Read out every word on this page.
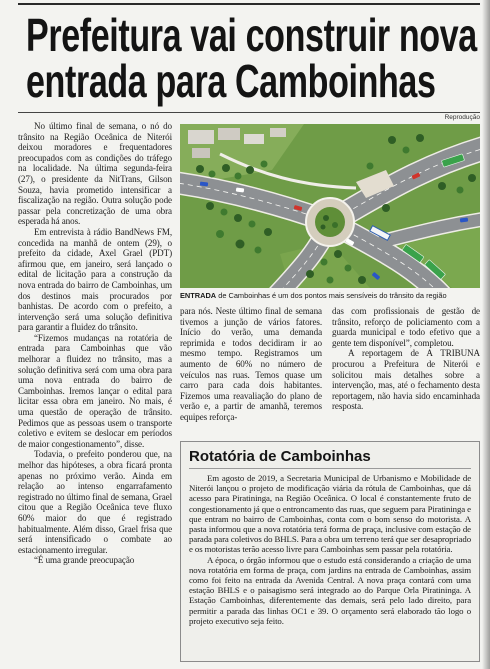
Prefeitura vai construir nova
entrada para Camboinhas

No último final de semana, o nó do trânsito na Região Oceânica de Niterói deixou moradores e frequentadores preocupados com as condições do tráfego na localidade. Na última segunda-feira (27), o presidente da NitTrans, Gilson Souza, havia prometido intensificar a fiscalização na região. Outra solução pode passar pela concretização de uma obra esperada há anos.

Em entrevista à rádio BandNews FM, concedida na manhã de ontem (29), o prefeito da cidade, Axel Grael (PDT) afirmou que, em janeiro, será lançado o edital de licitação para a construção da nova entrada do bairro de Camboinhas, um dos destinos mais procurados por banhistas. De acordo com o prefeito, a intervenção será uma solução definitiva para garantir a fluidez do trânsito.

“Fizemos mudanças na rotatória de entrada para Camboinhas que vão melhorar a fluidez no trânsito, mas a solução definitiva será com uma obra para uma nova entrada do bairro de Camboinhas. Iremos lançar o edital para licitar essa obra em janeiro. No mais, é uma questão de operação de trânsito. Pedimos que as pessoas usem o transporte coletivo e evitem se deslocar em períodos de maior congestionamento”, disse.

Todavia, o prefeito ponderou que, na melhor das hipóteses, a obra ficará pronta apenas no próximo verão. Ainda em relação ao intenso engarrafamento registrado no último final de semana, Grael citou que a Região Oceânica teve fluxo 60% maior do que é registrado habitualmente. Além disso, Grael frisa que será intensificado o combate ao estacionamento irregular.

“É uma grande preocupação

Reprodução
ENTRADA de Camboinhas é um dos pontos mais sensíveis do trânsito da região

para nós. Neste último final de semana tivemos a junção de vários fatores. Início do verão, uma demanda reprimida e todos decidiram ir ao mesmo tempo. Registramos um aumento de 60% no número de veículos nas ruas. Temos quase um carro para cada dois habitantes. Fizemos uma reavaliação do plano de verão e, a partir de amanhã, teremos equipes reforça-

das com profissionais de gestão de trânsito, reforço de policiamento com a guarda municipal e todo efetivo que a gente tem disponível”, completou.

A reportagem de A TRIBUNA procurou a Prefeitura de Niterói e solicitou mais detalhes sobre a intervenção, mas, até o fechamento desta reportagem, não havia sido encaminhada resposta.

Rotatória de Camboinhas

Em agosto de 2019, a Secretaria Municipal de Urbanismo e Mobilidade de Niterói lançou o projeto de modificação viária da rótula de Camboinhas, que dá acesso para Piratininga, na Região Oceânica. O local é constantemente fruto de congestionamento já que o entroncamento das ruas, que seguem para Piratininga e que entram no bairro de Camboinhas, conta com o bom senso do motorista. A pasta informou que a nova rotatória terá forma de praça, inclusive com estação de parada para coletivos do BHLS. Para a obra um terreno terá que ser desapropriado e os motoristas terão acesso livre para Camboinhas sem passar pela rotatória.

A época, o órgão informou que o estudo está considerando a criação de uma nova rotatória em forma de praça, com jardins na entrada de Camboinhas, assim como foi feito na entrada da Avenida Central. A nova praça contará com uma estação BHLS e o paisagismo será integrado ao do Parque Orla Piratininga. A Estação Camboinhas, diferentemente das demais, será pelo lado direito, para permitir a parada das linhas OC1 e 39. O orçamento será elaborado tão logo o projeto executivo seja feito.
